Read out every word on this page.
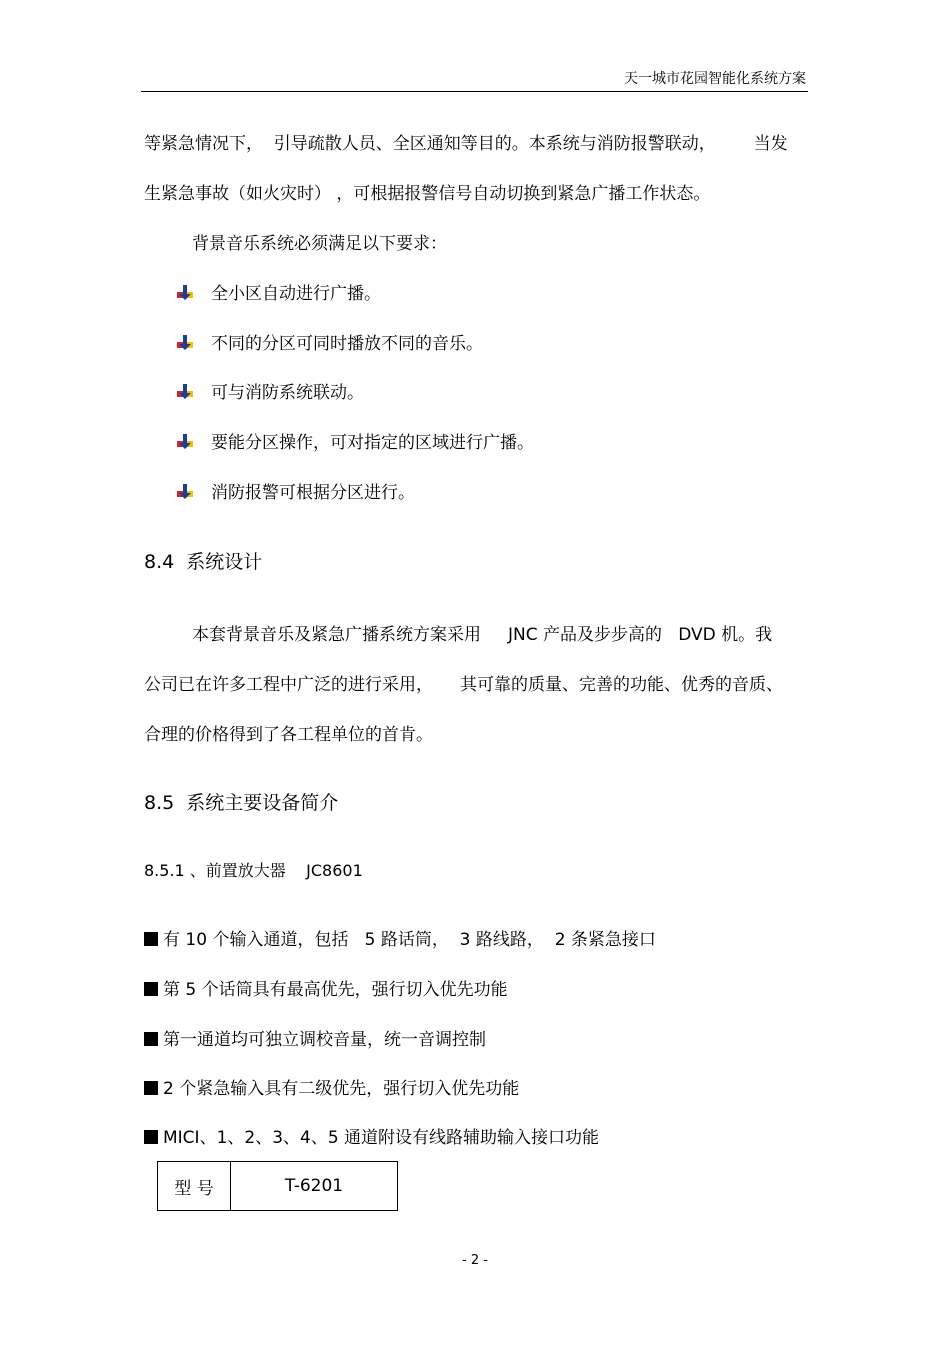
天一城市花园智能化系统方案
等紧急情况下，  引导疏散人员、全区通知等目的。本系统与消防报警联动，       当发
生紧急事故（如火灾时） ，可根据报警信号自动切换到紧急广播工作状态。
背景音乐系统必须满足以下要求：
全小区自动进行广播。
不同的分区可同时播放不同的音乐。
可与消防系统联动。
要能分区操作，可对指定的区域进行广播。
消防报警可根据分区进行。
8.4  系统设计
本套背景音乐及紧急广播系统方案采用     JNC 产品及步步高的   DVD 机。我
公司已在许多工程中广泛的进行采用，     其可靠的质量、完善的功能、优秀的音质、
合理的价格得到了各工程单位的首肯。
8.5  系统主要设备简介
8.5.1 、前置放大器    JC8601
有 10 个输入通道，包括   5 路话筒，  3 路线路，  2 条紧急接口
第 5 个话筒具有最高优先，强行切入优先功能
第一通道均可独立调校音量，统一音调控制
2 个紧急输入具有二级优先，强行切入优先功能
MICI、1、2、3、4、5 通道附设有线路辅助输入接口功能
型 号	T-6201
- 2 -
